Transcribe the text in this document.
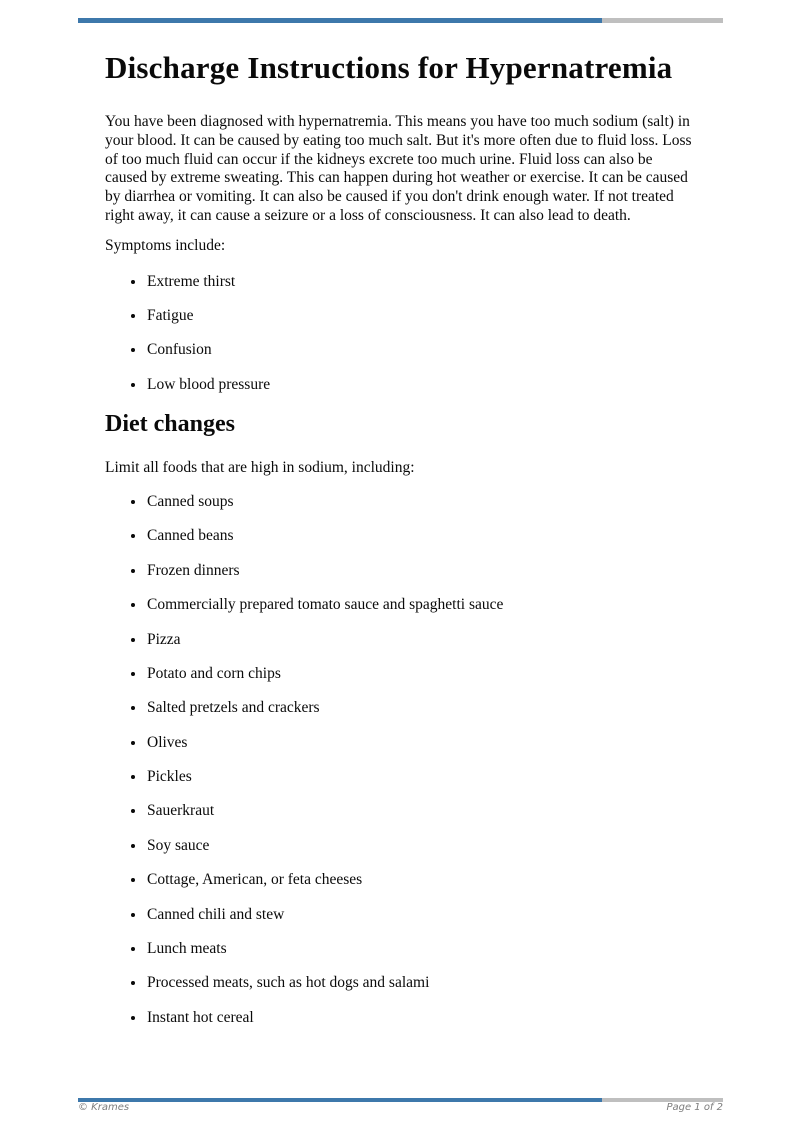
Discharge Instructions for Hypernatremia

You have been diagnosed with hypernatremia. This means you have too much sodium (salt) in your blood. It can be caused by eating too much salt. But it's more often due to fluid loss. Loss of too much fluid can occur if the kidneys excrete too much urine. Fluid loss can also be caused by extreme sweating. This can happen during hot weather or exercise. It can be caused by diarrhea or vomiting. It can also be caused if you don't drink enough water. If not treated right away, it can cause a seizure or a loss of consciousness. It can also lead to death.

Symptoms include:

• Extreme thirst
• Fatigue
• Confusion
• Low blood pressure
Diet changes

Limit all foods that are high in sodium, including:

• Canned soups
• Canned beans
• Frozen dinners
• Commercially prepared tomato sauce and spaghetti sauce
• Pizza
• Potato and corn chips
• Salted pretzels and crackers
• Olives
• Pickles
• Sauerkraut
• Soy sauce
• Cottage, American, or feta cheeses
• Canned chili and stew
• Lunch meats
• Processed meats, such as hot dogs and salami
• Instant hot cereal
© Krames	Page 1 of 2
